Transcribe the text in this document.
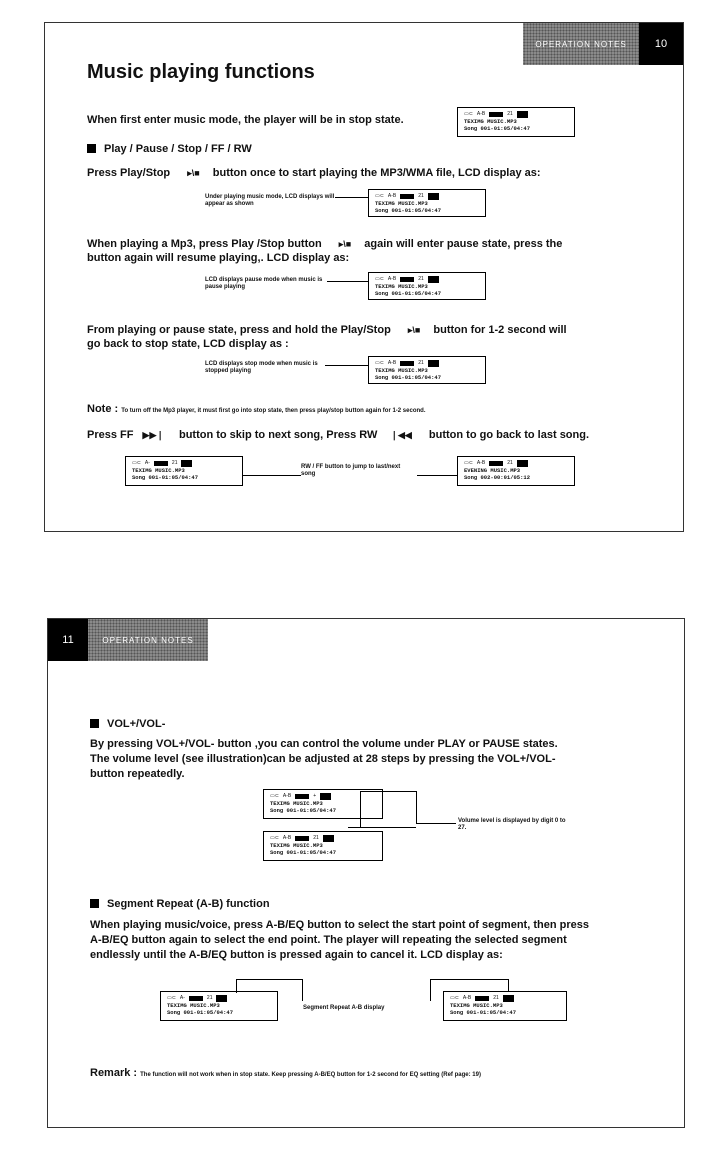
OPERATION NOTES	10
Music playing functions
When first enter music mode, the player will be in stop state.	▭⊂ A-B	21
TEXIMG MUSIC.MP3
Song 001-01:05/04:47
Play / Pause / Stop / FF / RW
Press Play/Stop ▸\■ button once to start playing the MP3/WMA file, LCD display as:
Under playing music mode, LCD displays will appear as shown
▭⊂ A-B	21
TEXIMG MUSIC.MP3
Song 001-01:05/04:47
When playing a Mp3, press Play /Stop button ▸\■ again will enter pause state, press the
button again will resume playing,. LCD display as:
LCD displays pause mode when music is pause playing
▭⊂ A-B	21
TEXIMG MUSIC.MP3
Song 001-01:05/04:47
From playing or pause state, press and hold the Play/Stop ▸\■ button for 1-2 second will
go back to stop state, LCD display as :
LCD displays stop mode when music is stopped playing
▭⊂ A-B	21
TEXIMG MUSIC.MP3
Song 001-01:05/04:47
Note : To turn off the Mp3 player, it must first go into stop state, then press play/stop button again for 1-2 second.
Press FF ▶▶❘ button to skip to next song, Press RW ❘◀◀ button to go back to last song.
▭⊂ A-	21
TEXIMG MUSIC.MP3
Song 001-01:05/04:47
RW / FF button to jump to last/next song
▭⊂ A-B	21
EVENING MUSIC.MP3
Song 002-00:01/05:12
11	OPERATION NOTES
VOL+/VOL-
By pressing VOL+/VOL- button ,you can control the volume under PLAY or PAUSE states.
The volume level (see illustration)can be adjusted at 28 steps by pressing the VOL+/VOL-
button repeatedly.
▭⊂ A-B	+
TEXIMG MUSIC.MP3
Song 001-01:05/04:47
▭⊂ A-B	21
TEXIMG MUSIC.MP3
Song 001-01:05/04:47
Volume level is displayed by digit 0 to 27.
Segment Repeat (A-B) function
When playing music/voice, press A-B/EQ button to select the start point of segment, then press
A-B/EQ button again to select the end point. The player will repeating the selected segment
endlessly until the A-B/EQ button is pressed again to cancel it. LCD display as:
▭⊂ A-	21
TEXIMG MUSIC.MP3
Song 001-01:05/04:47
Segment Repeat A-B display
▭⊂ A-B	21
TEXIMG MUSIC.MP3
Song 001-01:05/04:47
Remark : The function will not work when in stop state. Keep pressing A-B/EQ button for 1-2 second for EQ setting (Ref page: 19)
